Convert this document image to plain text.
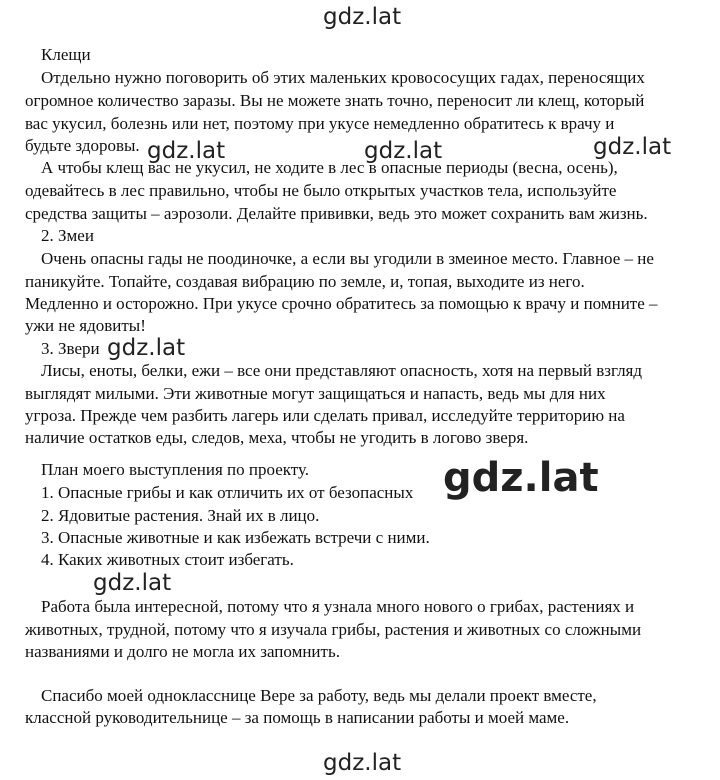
gdz.lat
gdz.lat	gdz.lat	gdz.lat
gdz.lat
gdz.lat
gdz.lat
gdz.lat
Клещи
Отдельно нужно поговорить об этих маленьких кровососущих гадах, переносящих
огромное количество заразы. Вы не можете знать точно, переносит ли клещ, который
вас укусил, болезнь или нет, поэтому при укусе немедленно обратитесь к врачу и
будьте здоровы.
А чтобы клещ вас не укусил, не ходите в лес в опасные периоды (весна, осень),
одевайтесь в лес правильно, чтобы не было открытых участков тела, используйте
средства защиты – аэрозоли. Делайте прививки, ведь это может сохранить вам жизнь.
2. Змеи
Очень опасны гады не поодиночке, а если вы угодили в змеиное место. Главное – не
паникуйте. Топайте, создавая вибрацию по земле, и, топая, выходите из него.
Медленно и осторожно. При укусе срочно обратитесь за помощью к врачу и помните –
ужи не ядовиты!
3. Звери
Лисы, еноты, белки, ежи – все они представляют опасность, хотя на первый взгляд
выглядят милыми. Эти животные могут защищаться и напасть, ведь мы для них
угроза. Прежде чем разбить лагерь или сделать привал, исследуйте территорию на
наличие остатков еды, следов, меха, чтобы не угодить в логово зверя.
План моего выступления по проекту.
1. Опасные грибы и как отличить их от безопасных
2. Ядовитые растения. Знай их в лицо.
3. Опасные животные и как избежать встречи с ними.
4. Каких животных стоит избегать.
Работа была интересной, потому что я узнала много нового о грибах, растениях и
животных, трудной, потому что я изучала грибы, растения и животных со сложными
названиями и долго не могла их запомнить.
Спасибо моей однокласснице Вере за работу, ведь мы делали проект вместе,
классной руководительнице – за помощь в написании работы и моей маме.
